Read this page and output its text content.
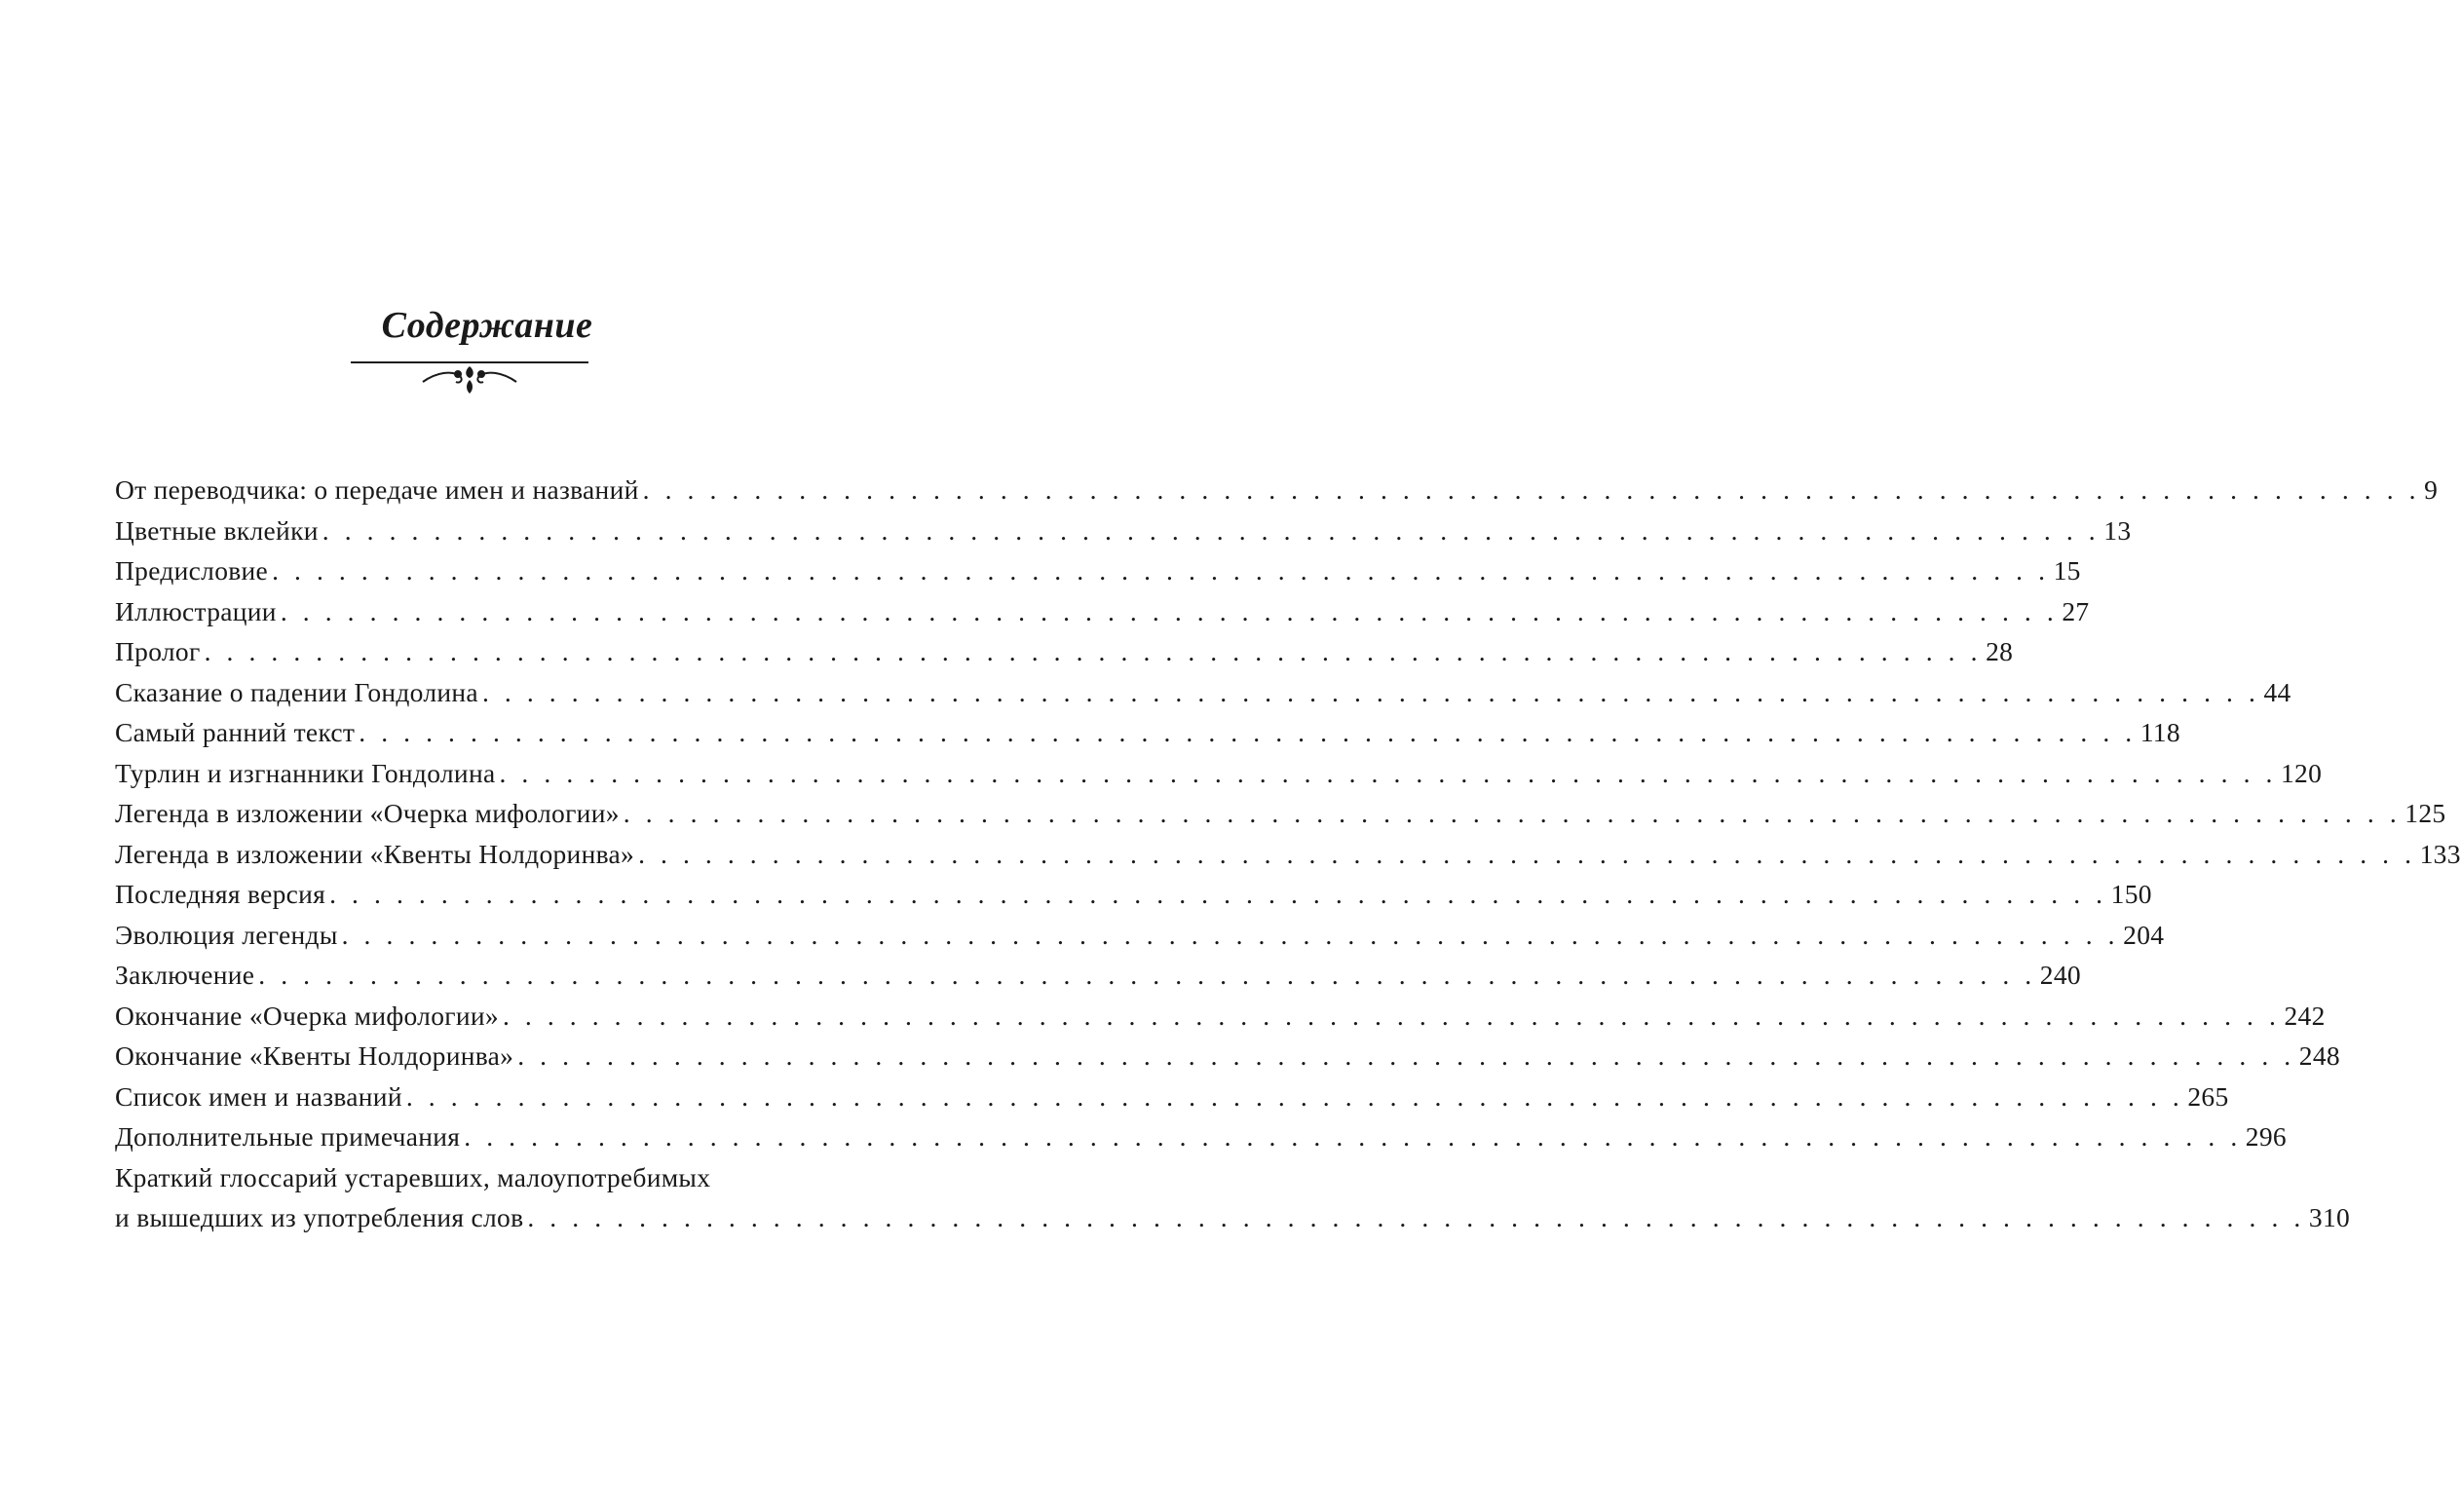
Содержание
От переводчика: о передаче имен и названий . . . . . . . . . . . . . . . . . . . . . . . . . . . . . . . . . . . . . . . . . . . . . . . . . . . . . . . . . . . . . . . . . . . . . . . . . . . . . . . . 9
Цветные вклейки . . . . . . . . . . . . . . . . . . . . . . . . . . . . . . . . . . . . . . . . . . . . . . . . . . . . . . . . . . . . . . . . . . . . . . . . . . . . . . . . 13
Предисловие . . . . . . . . . . . . . . . . . . . . . . . . . . . . . . . . . . . . . . . . . . . . . . . . . . . . . . . . . . . . . . . . . . . . . . . . . . . . . . . . 15
Иллюстрации . . . . . . . . . . . . . . . . . . . . . . . . . . . . . . . . . . . . . . . . . . . . . . . . . . . . . . . . . . . . . . . . . . . . . . . . . . . . . . . . 27
Пролог . . . . . . . . . . . . . . . . . . . . . . . . . . . . . . . . . . . . . . . . . . . . . . . . . . . . . . . . . . . . . . . . . . . . . . . . . . . . . . . . 28
Сказание о падении Гондолина . . . . . . . . . . . . . . . . . . . . . . . . . . . . . . . . . . . . . . . . . . . . . . . . . . . . . . . . . . . . . . . . . . . . . . . . . . . . . . . . 44
Самый ранний текст . . . . . . . . . . . . . . . . . . . . . . . . . . . . . . . . . . . . . . . . . . . . . . . . . . . . . . . . . . . . . . . . . . . . . . . . . . . . . . . . 118
Турлин и изгнанники Гондолина . . . . . . . . . . . . . . . . . . . . . . . . . . . . . . . . . . . . . . . . . . . . . . . . . . . . . . . . . . . . . . . . . . . . . . . . . . . . . . . . 120
Легенда в изложении «Очерка мифологии» . . . . . . . . . . . . . . . . . . . . . . . . . . . . . . . . . . . . . . . . . . . . . . . . . . . . . . . . . . . . . . . . . . . . . . . . . . . . . . . . 125
Легенда в изложении «Квенты Нолдоринва» . . . . . . . . . . . . . . . . . . . . . . . . . . . . . . . . . . . . . . . . . . . . . . . . . . . . . . . . . . . . . . . . . . . . . . . . . . . . . . . . 133
Последняя версия . . . . . . . . . . . . . . . . . . . . . . . . . . . . . . . . . . . . . . . . . . . . . . . . . . . . . . . . . . . . . . . . . . . . . . . . . . . . . . . . 150
Эволюция легенды . . . . . . . . . . . . . . . . . . . . . . . . . . . . . . . . . . . . . . . . . . . . . . . . . . . . . . . . . . . . . . . . . . . . . . . . . . . . . . . . 204
Заключение . . . . . . . . . . . . . . . . . . . . . . . . . . . . . . . . . . . . . . . . . . . . . . . . . . . . . . . . . . . . . . . . . . . . . . . . . . . . . . . . 240
Окончание «Очерка мифологии» . . . . . . . . . . . . . . . . . . . . . . . . . . . . . . . . . . . . . . . . . . . . . . . . . . . . . . . . . . . . . . . . . . . . . . . . . . . . . . . . 242
Окончание «Квенты Нолдоринва» . . . . . . . . . . . . . . . . . . . . . . . . . . . . . . . . . . . . . . . . . . . . . . . . . . . . . . . . . . . . . . . . . . . . . . . . . . . . . . . . 248
Список имен и названий . . . . . . . . . . . . . . . . . . . . . . . . . . . . . . . . . . . . . . . . . . . . . . . . . . . . . . . . . . . . . . . . . . . . . . . . . . . . . . . . 265
Дополнительные примечания . . . . . . . . . . . . . . . . . . . . . . . . . . . . . . . . . . . . . . . . . . . . . . . . . . . . . . . . . . . . . . . . . . . . . . . . . . . . . . . . 296
Краткий глоссарий устаревших, малоупотребимых
и вышедших из употребления слов . . . . . . . . . . . . . . . . . . . . . . . . . . . . . . . . . . . . . . . . . . . . . . . . . . . . . . . . . . . . . . . . . . . . . . . . . . . . . . . . 310
